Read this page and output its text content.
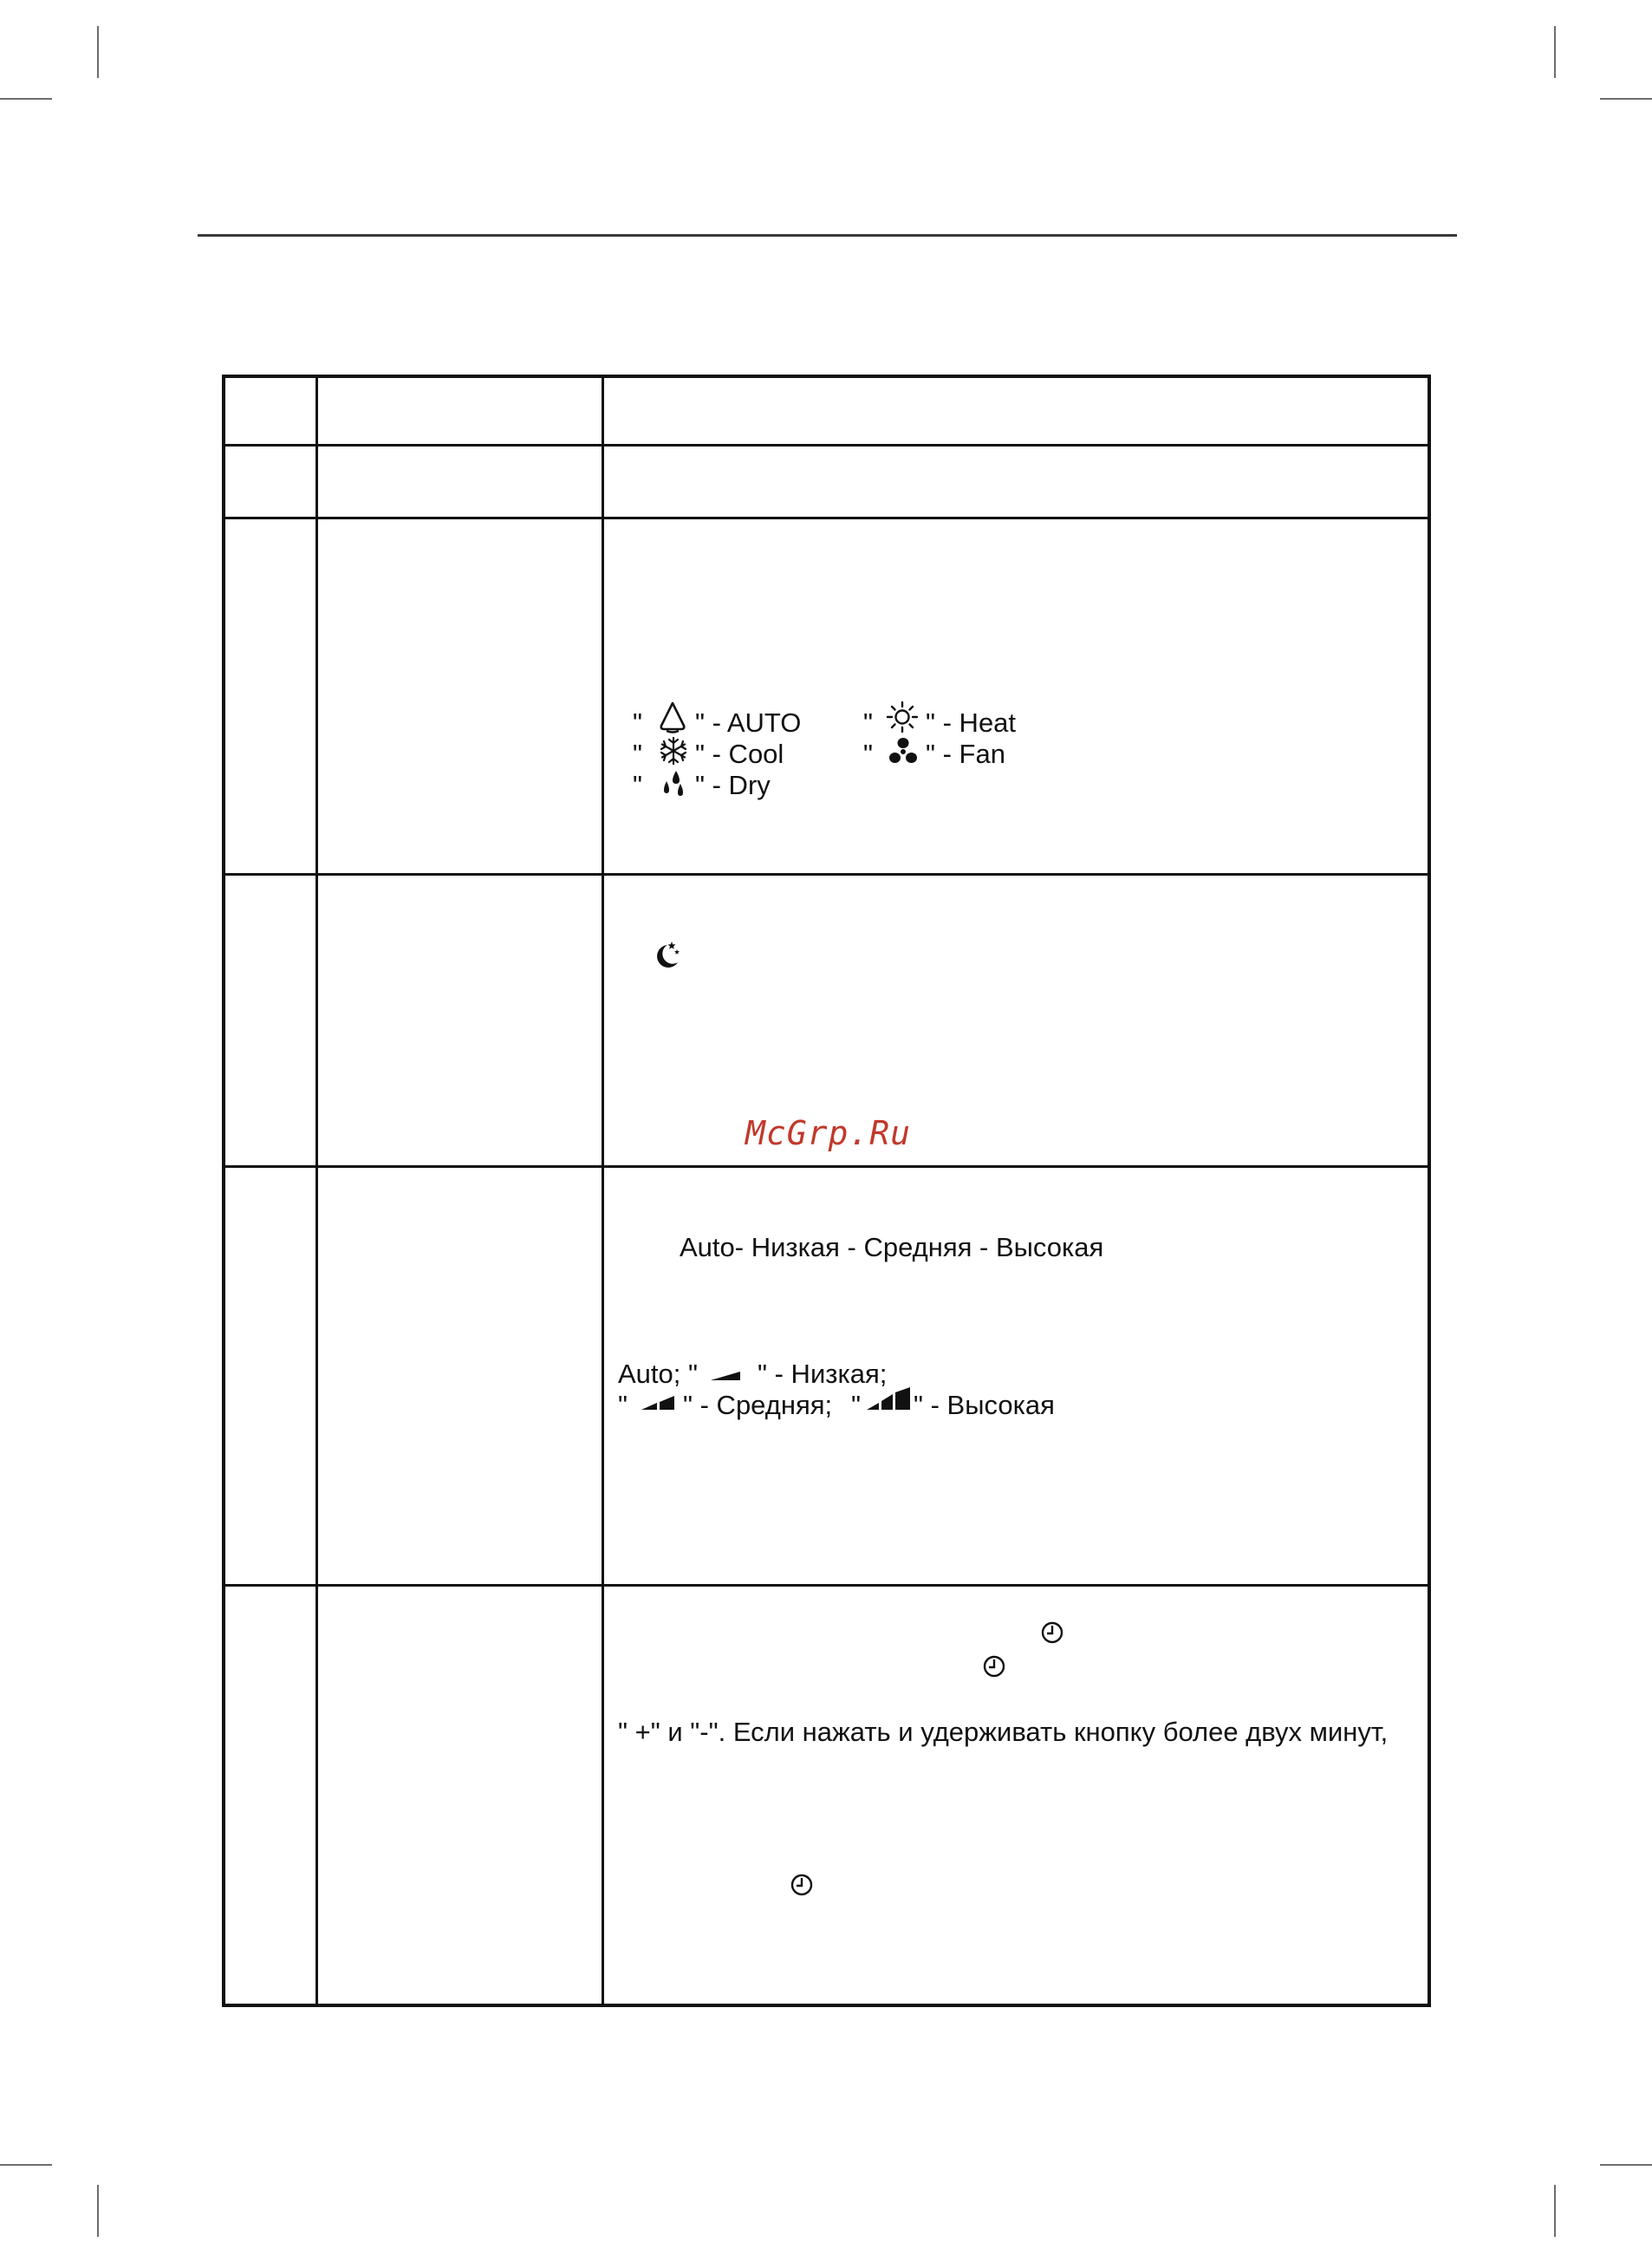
" " - AUTO " " - Heat
" " - Cool	" " - Fan
" " - Dry
McGrp.Ru
Auto- Низкая - Средняя - Высокая
Auto; " " - Низкая;
" " - Средняя; " " - Высокая
" +" и "-". Если нажать и удерживать кнопку более двух минут,
